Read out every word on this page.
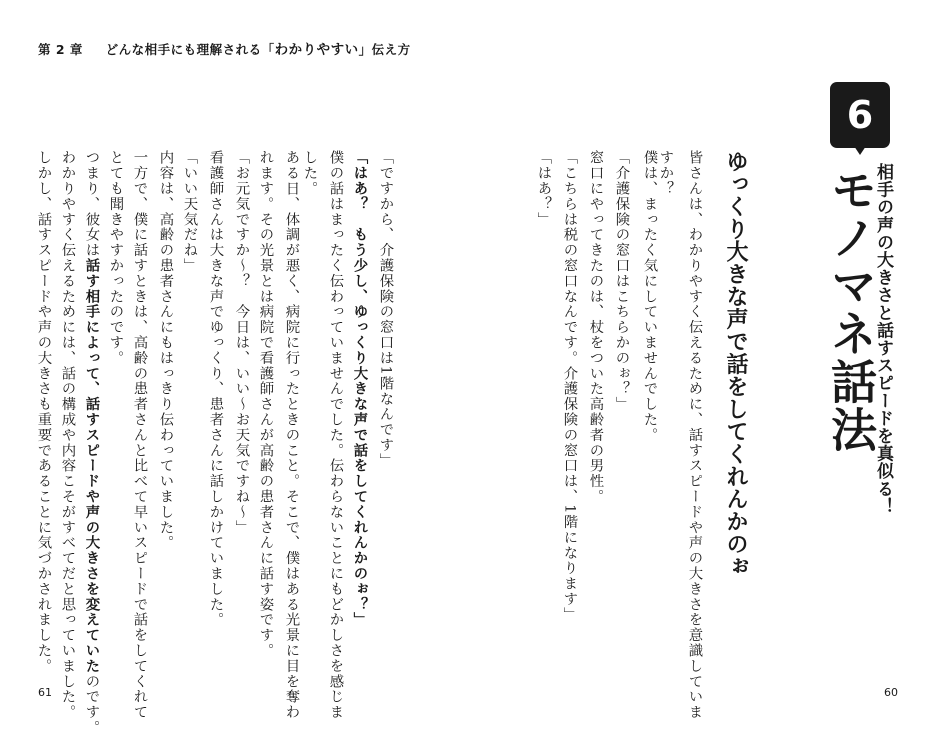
第 2 章 　 どんな相手にも理解される「わかりやすい」伝え方
6
モノマネ話法
相手の声の大きさと話すスピードを真似る！
ゆっくり大きな声で話をしてくれんかのぉ
皆さんは、わかりやすく伝えるために、話すスピードや声の大きさを意識していま
すか？
僕は、まったく気にしていませんでした。
「介護保険の窓口はこちらかのぉ？」
窓口にやってきたのは、杖をついた高齢者の男性。
「こちらは税の窓口なんです。介護保険の窓口は、1階になります」
「はあ？」
「ですから、介護保険の窓口は1階なんです」
「はあ？　もう少し、ゆっくり大きな声で話をしてくれんかのぉ？」
僕の話はまったく伝わっていませんでした。伝わらないことにもどかしさを感じま
した。
ある日、体調が悪く、病院に行ったときのこと。そこで、僕はある光景に目を奪わ
れます。その光景とは病院で看護師さんが高齢の患者さんに話す姿です。
「お元気ですか～？　今日は、いい～お天気ですね～」
看護師さんは大きな声でゆっくり、患者さんに話しかけていました。
「いい天気だね」
内容は、高齢の患者さんにもはっきり伝わっていました。
一方で、僕に話すときは、高齢の患者さんと比べて早いスピードで話をしてくれて
とても聞きやすかったのです。
つまり、彼女は話す相手によって、話すスピードや声の大きさを変えていたのです。
わかりやすく伝えるためには、話の構成や内容こそがすべてだと思っていました。
しかし、話すスピードや声の大きさも重要であることに気づかされました。
61	60
